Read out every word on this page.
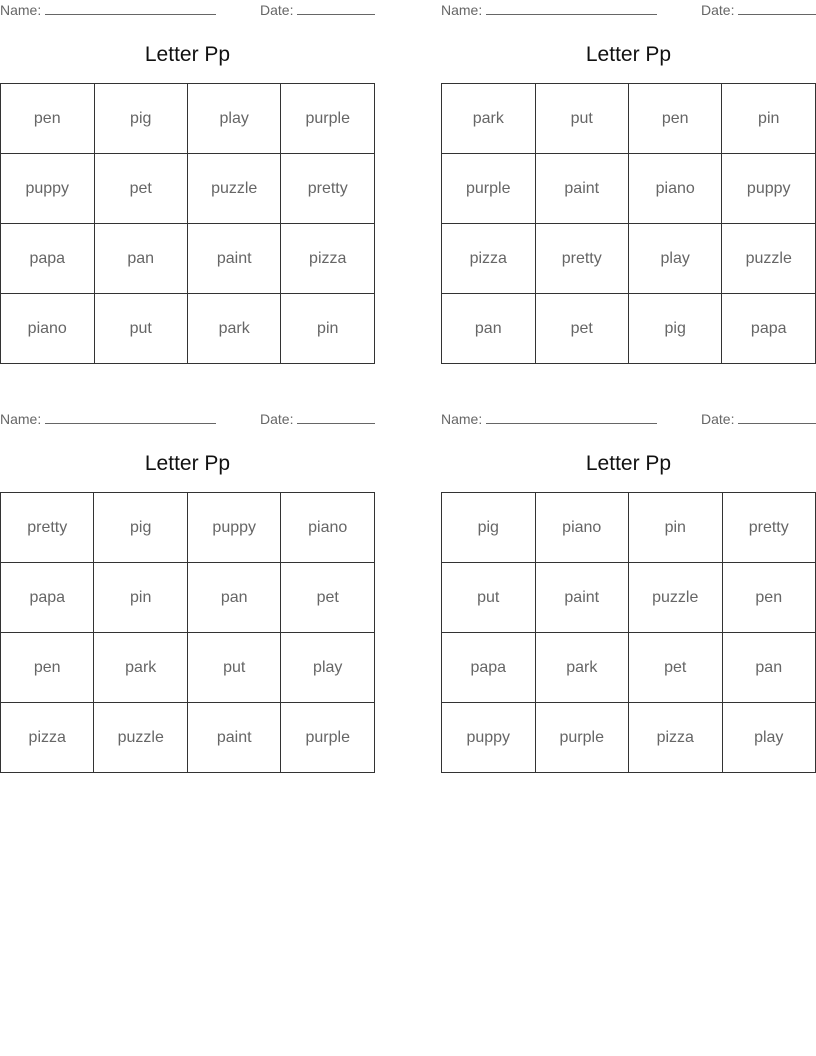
Name:	Date:
Letter Pp
pen	pig	play	purple
puppy	pet	puzzle	pretty
papa	pan	paint	pizza
piano	put	park	pin
Name:	Date:
Letter Pp
park	put	pen	pin
purple	paint	piano	puppy
pizza	pretty	play	puzzle
pan	pet	pig	papa
Name:	Date:
Letter Pp
pretty	pig	puppy	piano
papa	pin	pan	pet
pen	park	put	play
pizza	puzzle	paint	purple
Name:	Date:
Letter Pp
pig	piano	pin	pretty
put	paint	puzzle	pen
papa	park	pet	pan
puppy	purple	pizza	play
